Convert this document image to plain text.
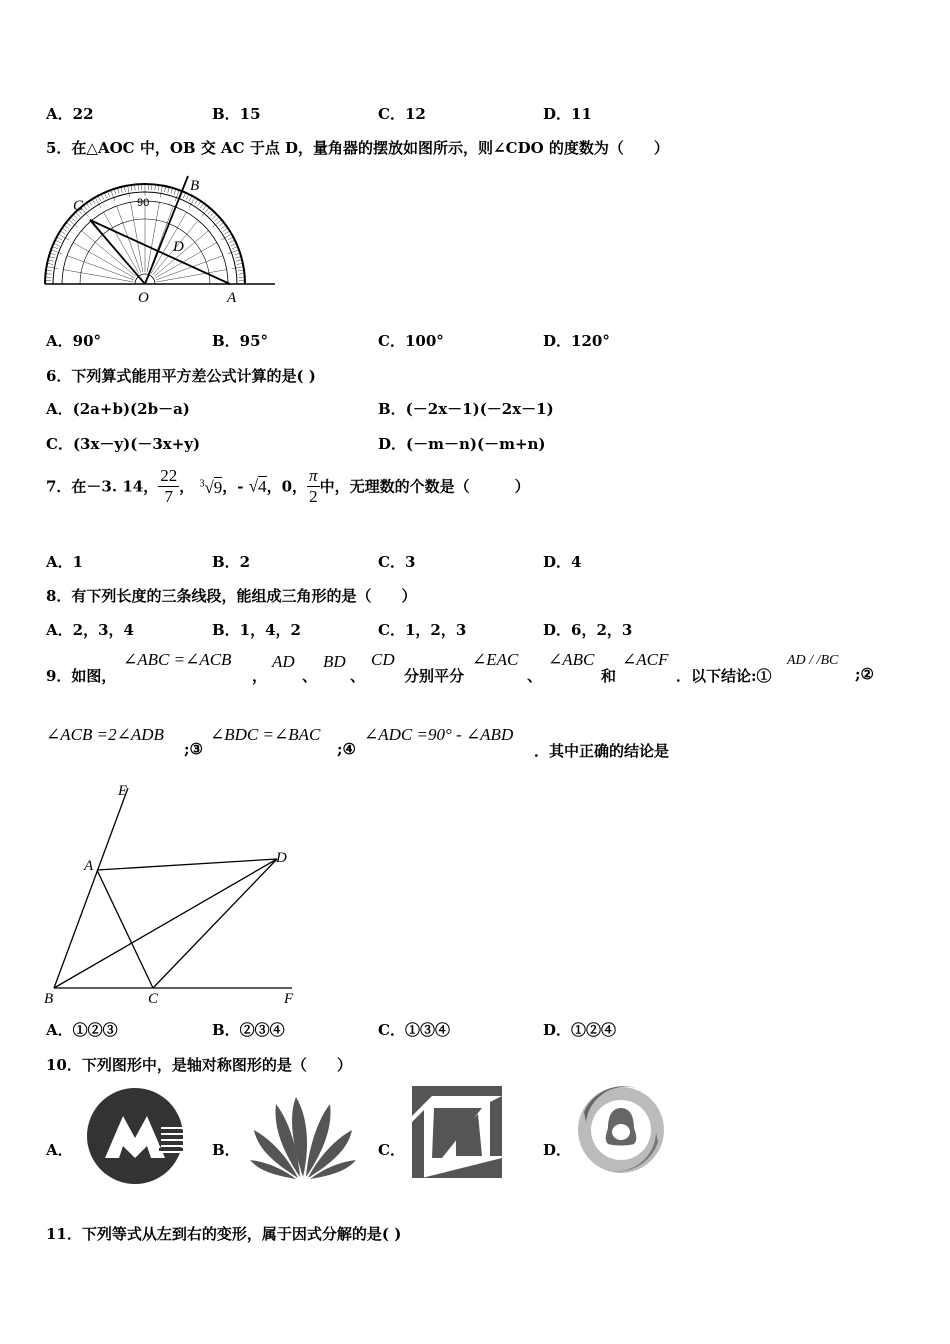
A．22	B．15	C．12	D．11
5．在△AOC 中，OB 交 AC 于点 D，量角器的摆放如图所示，则∠CDO 的度数为（　　）
C
B
D
O	A
90
A．90°	B．95°	C．100°	D．120°
6．下列算式能用平方差公式计算的是( )
A．(2a+b)(2b－a)	B．(－2x－1)(－2x－1)
C．(3x－y)(－3x+y)	D．(－m－n)(－m+n)
7．在－3. 14， $\frac{22}{7}$ ， $^3$√9，- √4，0， $\frac{\pi}{2}$ 中，无理数的个数是（　　　）
A．1	B．2	C．3	D．4
8．有下列长度的三条线段，能组成三角形的是（　　）
A．2，3，4	B．1，4，2	C．1，2，3	D．6，2，3
9．如图，
∠ABC =∠ACB
，
AD
、
BD
、
CD
分别平分
∠EAC
、
∠ABC
和
∠ACF
．以下结论:①
AD / /BC
;②
∠ACB =2∠ADB
;③
∠BDC =∠BAC
;④
∠ADC =90° - ∠ABD
．其中正确的结论是
E
A	D
B	C	F
A．①②③	B．②③④	C．①③④	D．①②④
10．下列图形中，是轴对称图形的是（　　）
A．	B．	C．	D．
11．下列等式从左到右的变形，属于因式分解的是( )
